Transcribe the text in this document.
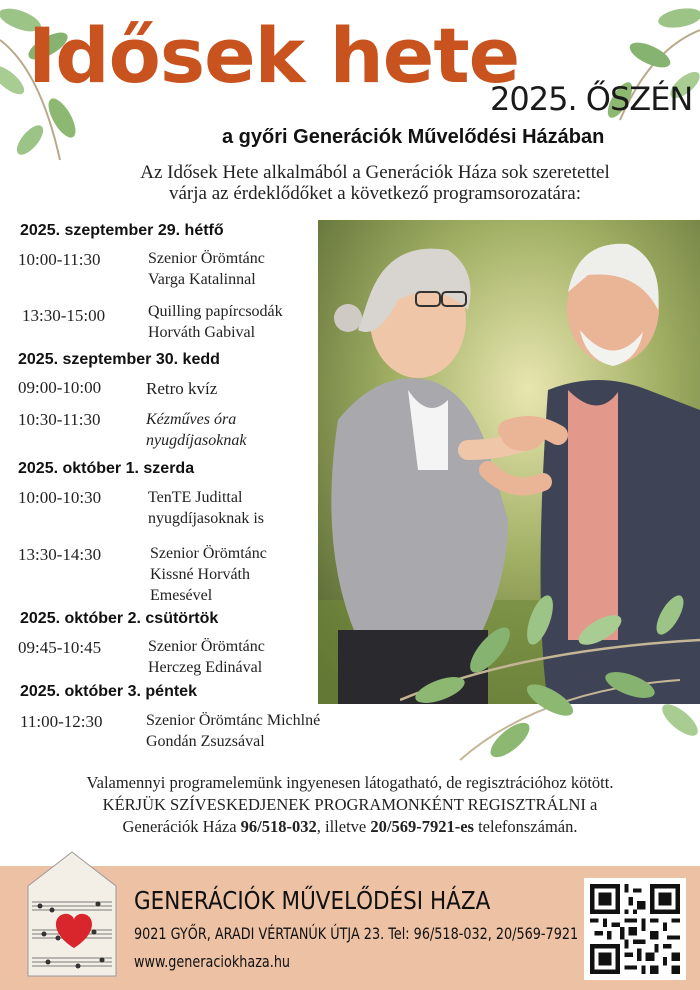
Idősek hete
2025. ŐSZÉN
a győri Generációk Művelődési Házában
Az Idősek Hete alkalmából a Generációk Háza sok szeretettel
várja az érdeklődőket a következő programsorozatára:
2025. szeptember 29. hétfő
10:00-11:30	Szenior Örömtánc
Varga Katalinnal
13:30-15:00	Quilling papírcsodák
Horváth Gabival
2025. szeptember 30. kedd
09:00-10:00	Retro kvíz
10:30-11:30	Kézműves óra
nyugdíjasoknak
2025. október 1. szerda
10:00-10:30	TenTE Judittal
nyugdíjasoknak is
13:30-14:30	Szenior Örömtánc
Kissné Horváth
Emesével
2025. október 2. csütörtök
09:45-10:45	Szenior Örömtánc
Herczeg Edinával
2025. október 3. péntek
11:00-12:30	Szenior Örömtánc Michlné
Gondán Zsuzsával
Valamennyi programelemünk ingyenesen látogatható, de regisztrációhoz kötött.
KÉRJÜK SZÍVESKEDJENEK PROGRAMONKÉNT REGISZTRÁLNI a
Generációk Háza 96/518-032, illetve 20/569-7921-es telefonszámán.
GENERÁCIÓK MŰVELŐDÉSI HÁZA
9021 GYŐR, ARADI VÉRTANÚK ÚTJA 23. Tel: 96/518-032, 20/569-7921
www.generaciokhaza.hu
